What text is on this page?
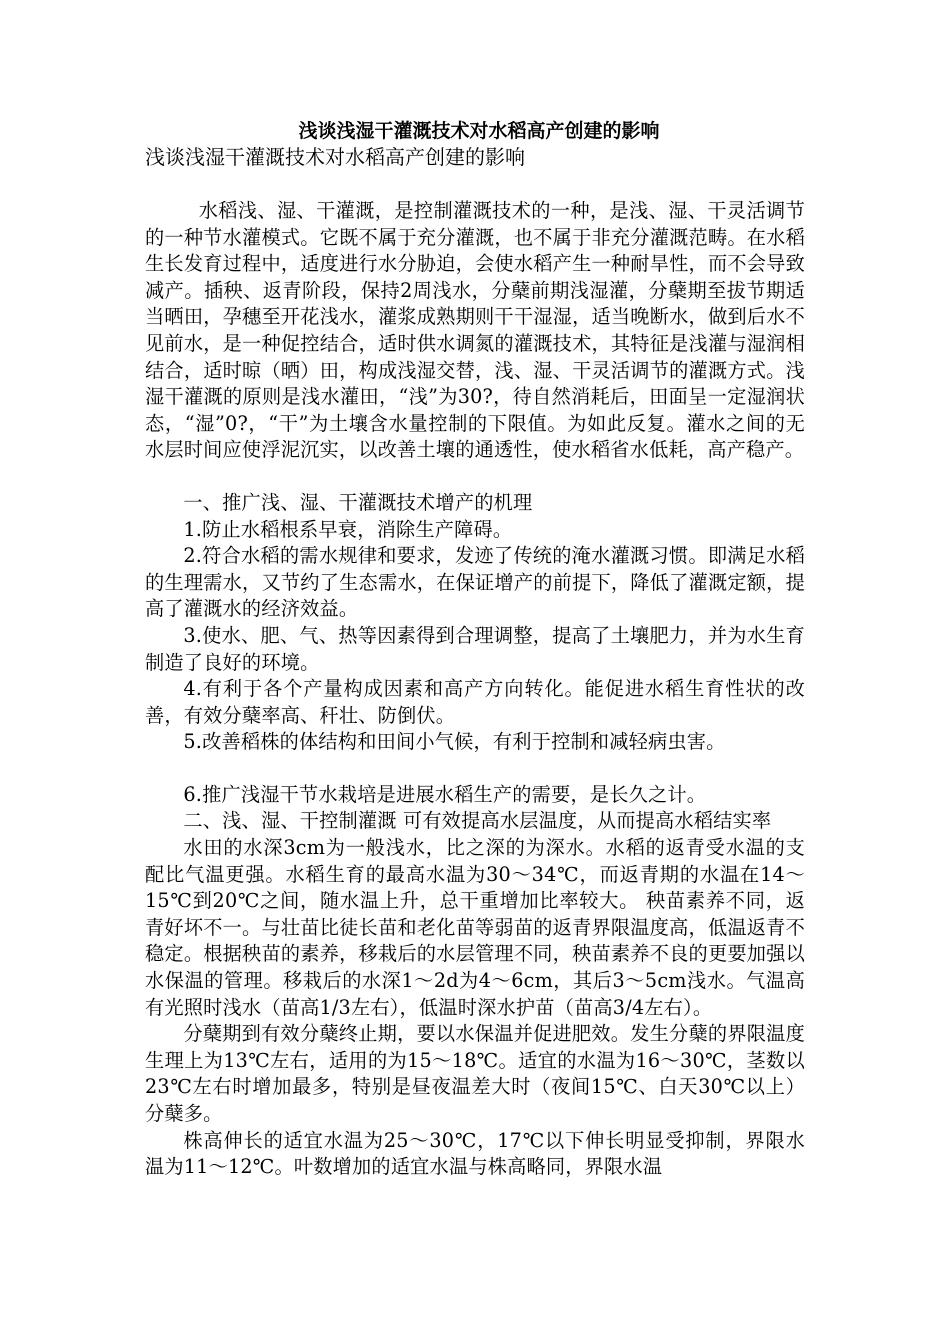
浅谈浅湿干灌溉技术对水稻高产创建的影响

浅谈浅湿干灌溉技术对水稻高产创建的影响

水稻浅、湿、干灌溉，是控制灌溉技术的一种，是浅、湿、干灵活调节的一种节水灌模式。它既不属于充分灌溉，也不属于非充分灌溉范畴。在水稻生长发育过程中，适度进行水分胁迫，会使水稻产生一种耐旱性，而不会导致减产。插秧、返青阶段，保持2周浅水，分蘖前期浅湿灌，分蘖期至拔节期适当晒田，孕穗至开花浅水，灌浆成熟期则干干湿湿，适当晚断水，做到后水不见前水，是一种促控结合，适时供水调氮的灌溉技术，其特征是浅灌与湿润相结合，适时晾（晒）田，构成浅湿交替，浅、湿、干灵活调节的灌溉方式。浅湿干灌溉的原则是浅水灌田，“浅”为30?，待自然消耗后，田面呈一定湿润状态，“湿”0?，“干”为土壤含水量控制的下限值。为如此反复。灌水之间的无水层时间应使浮泥沉实，以改善土壤的通透性，使水稻省水低耗，高产稳产。

一、推广浅、湿、干灌溉技术增产的机理

1.防止水稻根系早衰，消除生产障碍。

2.符合水稻的需水规律和要求，发迹了传统的淹水灌溉习惯。即满足水稻的生理需水，又节约了生态需水，在保证增产的前提下，降低了灌溉定额，提高了灌溉水的经济效益。

3.使水、肥、气、热等因素得到合理调整，提高了土壤肥力，并为水生育制造了良好的环境。

4.有利于各个产量构成因素和高产方向转化。能促进水稻生育性状的改善，有效分蘖率高、秆壮、防倒伏。

5.改善稻株的体结构和田间小气候，有利于控制和减轻病虫害。

6.推广浅湿干节水栽培是进展水稻生产的需要，是长久之计。

二、浅、湿、干控制灌溉 可有效提高水层温度，从而提高水稻结实率

水田的水深3cm为一般浅水，比之深的为深水。水稻的返青受水温的支配比气温更强。水稻生育的最高水温为30～34℃，而返青期的水温在14～15℃到20℃之间，随水温上升，总干重增加比率较大。 秧苗素养不同，返青好坏不一。与壮苗比徒长苗和老化苗等弱苗的返青界限温度高，低温返青不稳定。根据秧苗的素养，移栽后的水层管理不同，秧苗素养不良的更要加强以水保温的管理。移栽后的水深1～2d为4～6cm，其后3～5cm浅水。气温高有光照时浅水（苗高1/3左右），低温时深水护苗（苗高3/4左右）。

分蘖期到有效分蘖终止期，要以水保温并促进肥效。发生分蘖的界限温度生理上为13℃左右，适用的为15～18℃。适宜的水温为16～30℃，茎数以23℃左右时增加最多，特别是昼夜温差大时（夜间15℃、白天30℃以上）分蘖多。

株高伸长的适宜水温为25～30℃，17℃以下伸长明显受抑制，界限水温为11～12℃。叶数增加的适宜水温与株高略同，界限水温
